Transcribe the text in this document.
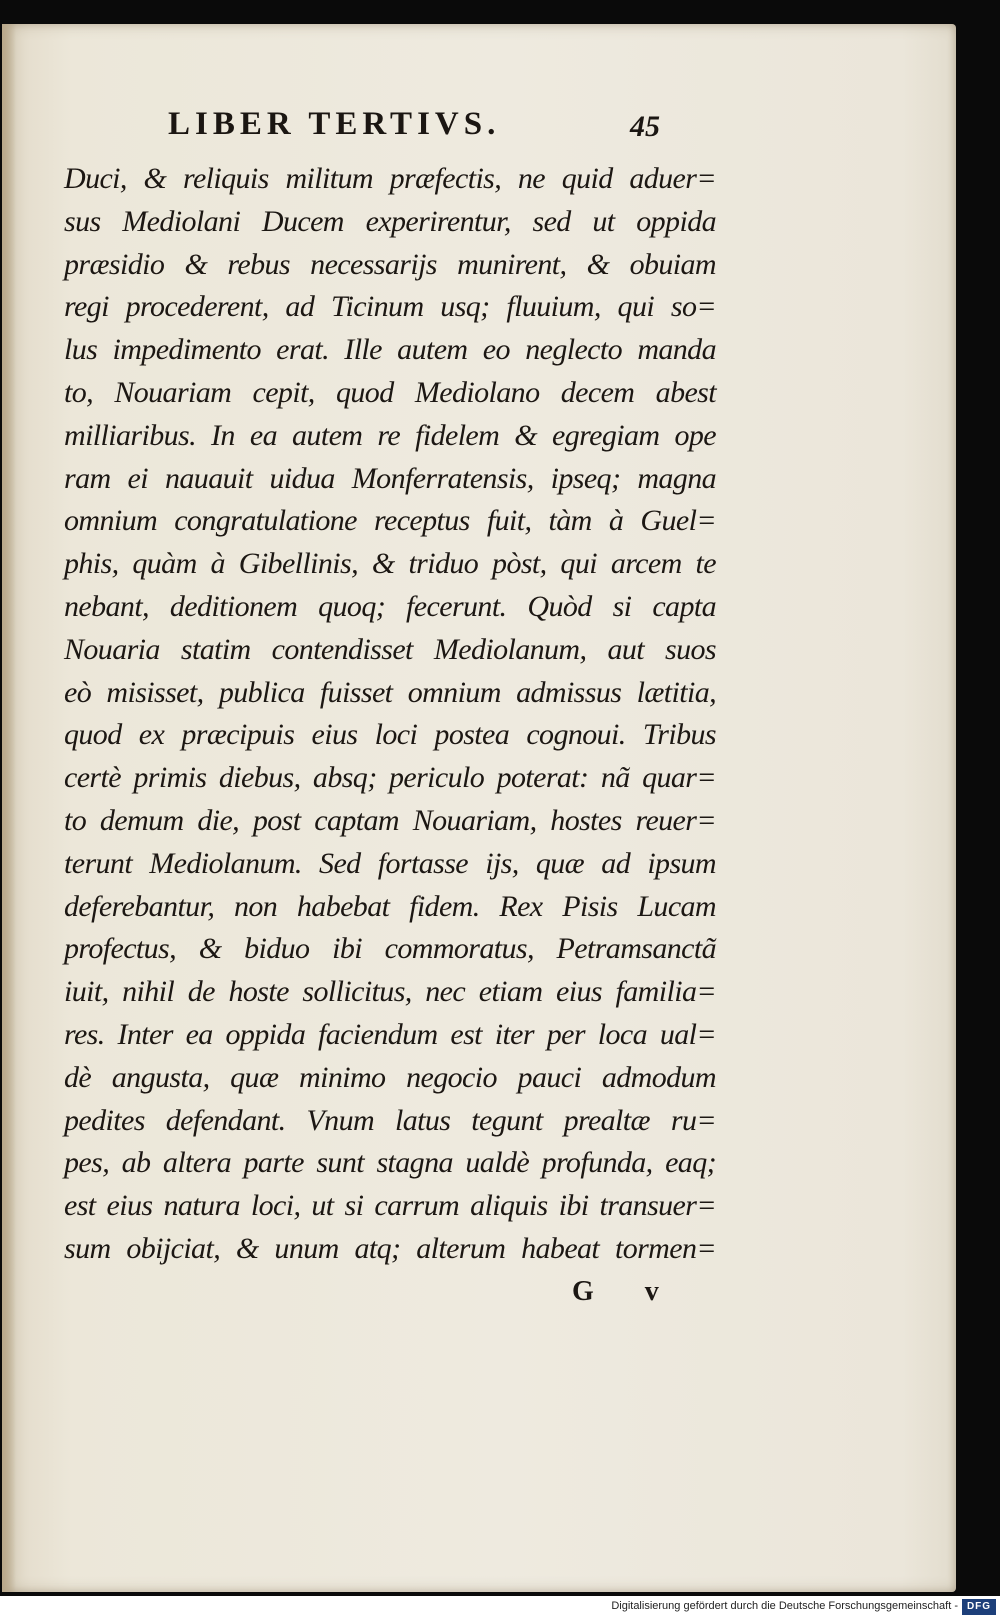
LIBER TERTIVS.	45
Duci, & reliquis militum præfectis, ne quid aduer=
sus Mediolani Ducem experirentur, sed ut oppida
præsidio & rebus necessarijs munirent, & obuiam
regi procederent, ad Ticinum usq; fluuium, qui so=
lus impedimento erat. Ille autem eo neglecto manda
to, Nouariam cepit, quod Mediolano decem abest
milliaribus. In ea autem re fidelem & egregiam ope
ram ei nauauit uidua Monferratensis, ipseq; magna
omnium congratulatione receptus fuit, tàm à Guel=
phis, quàm à Gibellinis, & triduo pòst, qui arcem te
nebant, deditionem quoq; fecerunt. Quòd si capta
Nouaria statim contendisset Mediolanum, aut suos
eò misisset, publica fuisset omnium admissus lætitia,
quod ex præcipuis eius loci postea cognoui. Tribus
certè primis diebus, absq; periculo poterat: nã quar=
to demum die, post captam Nouariam, hostes reuer=
terunt Mediolanum. Sed fortasse ijs, quæ ad ipsum
deferebantur, non habebat fidem. Rex Pisis Lucam
profectus, & biduo ibi commoratus, Petramsanctã
iuit, nihil de hoste sollicitus, nec etiam eius familia=
res. Inter ea oppida faciendum est iter per loca ual=
dè angusta, quæ minimo negocio pauci admodum
pedites defendant. Vnum latus tegunt prealtæ ru=
pes, ab altera parte sunt stagna ualdè profunda, eaq;
est eius natura loci, ut si carrum aliquis ibi transuer=
sum obijciat, & unum atq; alterum habeat tormen=
G v
Digitalisierung gefördert durch die Deutsche Forschungsgemeinschaft - DFG
